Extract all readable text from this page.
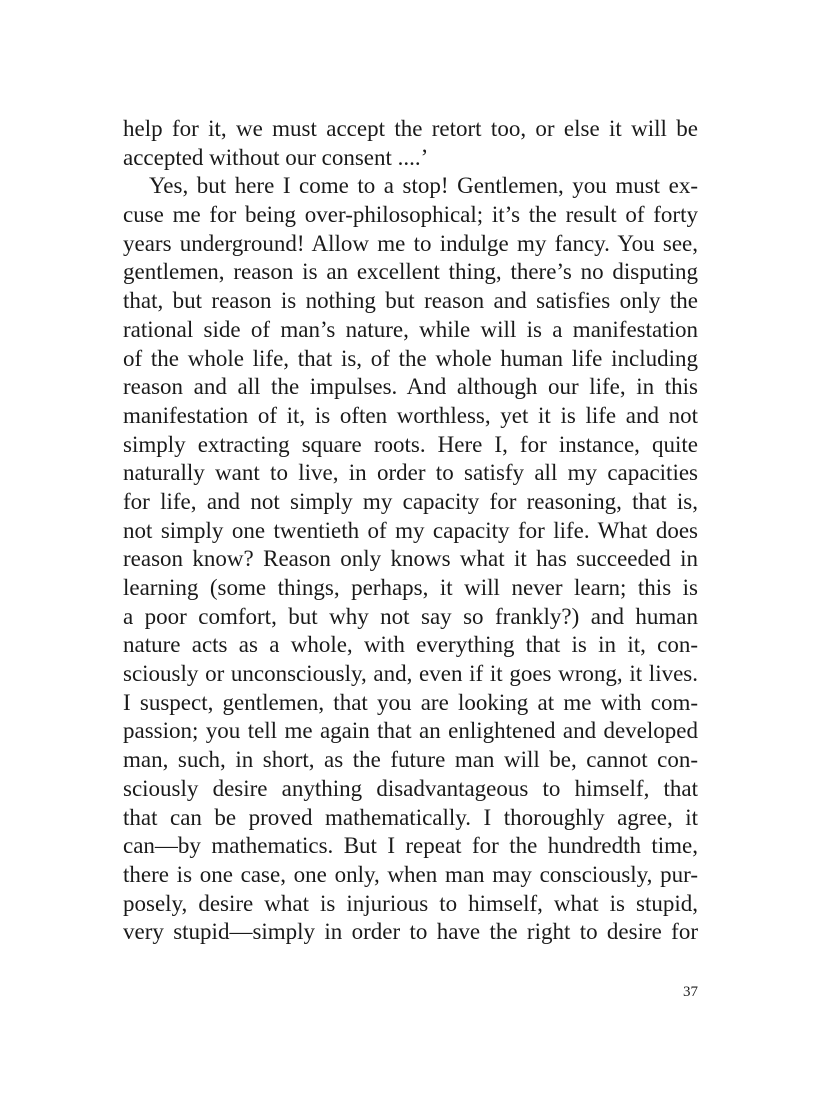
help for it, we must accept the retort too, or else it will be
accepted without our consent ....’
Yes, but here I come to a stop! Gentlemen, you must ex-
cuse me for being over-philosophical; it’s the result of forty
years underground! Allow me to indulge my fancy. You see,
gentlemen, reason is an excellent thing, there’s no disputing
that, but reason is nothing but reason and satisfies only the
rational side of man’s nature, while will is a manifestation
of the whole life, that is, of the whole human life including
reason and all the impulses. And although our life, in this
manifestation of it, is often worthless, yet it is life and not
simply extracting square roots. Here I, for instance, quite
naturally want to live, in order to satisfy all my capacities
for life, and not simply my capacity for reasoning, that is,
not simply one twentieth of my capacity for life. What does
reason know? Reason only knows what it has succeeded in
learning (some things, perhaps, it will never learn; this is
a poor comfort, but why not say so frankly?) and human
nature acts as a whole, with everything that is in it, con-
sciously or unconsciously, and, even if it goes wrong, it lives.
I suspect, gentlemen, that you are looking at me with com-
passion; you tell me again that an enlightened and developed
man, such, in short, as the future man will be, cannot con-
sciously desire anything disadvantageous to himself, that
that can be proved mathematically. I thoroughly agree, it
can—by mathematics. But I repeat for the hundredth time,
there is one case, one only, when man may consciously, pur-
posely, desire what is injurious to himself, what is stupid,
very stupid—simply in order to have the right to desire for
37
